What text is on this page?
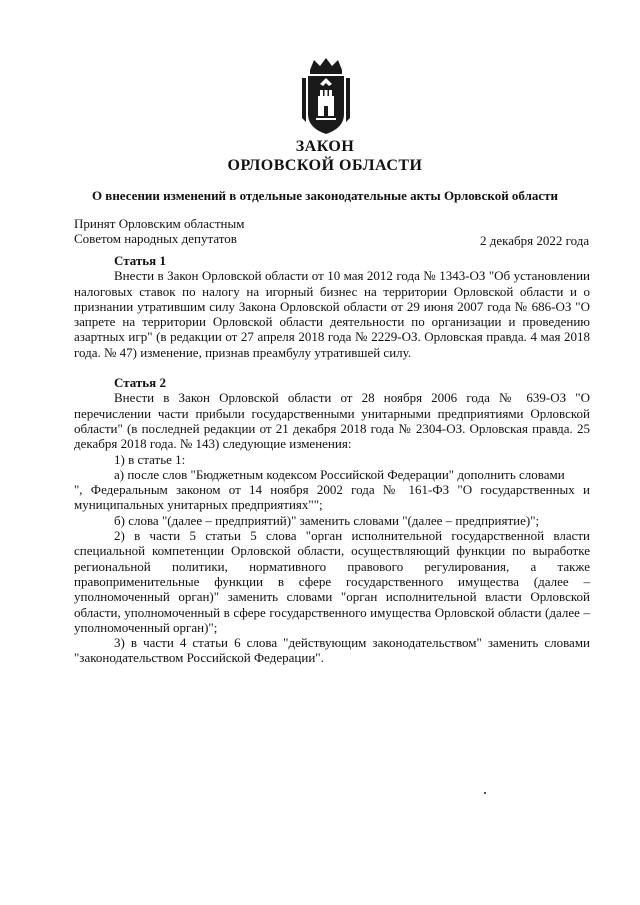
ЗАКОН
ОРЛОВСКОЙ ОБЛАСТИ
О внесении изменений в отдельные законодательные акты Орловской области
Принят Орловским областным
Советом народных депутатов	2 декабря 2022 года
Статья 1

Внести в Закон Орловской области от 10 мая 2012 года № 1343-ОЗ "Об установлении налоговых ставок по налогу на игорный бизнес на территории Орловской области и о признании утратившим силу Закона Орловской области от 29 июня 2007 года № 686-ОЗ "О запрете на территории Орловской области деятельности по организации и проведению азартных игр" (в редакции от 27 апреля 2018 года № 2229-ОЗ. Орловская правда. 4 мая 2018 года. № 47) изменение, признав преамбулу утратившей силу.

Статья 2

Внести в Закон Орловской области от 28 ноября 2006 года № 639-ОЗ "О перечислении части прибыли государственными унитарными предприятиями Орловской области" (в последней редакции от 21 декабря 2018 года № 2304-ОЗ. Орловская правда. 25 декабря 2018 года. № 143) следующие изменения:

1) в статье 1:

а) после слов "Бюджетным кодексом Российской Федерации" дополнить словами

", Федеральным законом от 14 ноября 2002 года № 161-ФЗ "О государственных и муниципальных унитарных предприятиях"";

б) слова "(далее – предприятий)" заменить словами "(далее – предприятие)";

2) в части 5 статьи 5 слова "орган исполнительной государственной власти специальной компетенции Орловской области, осуществляющий функции по выработке региональной политики, нормативного правового регулирования, а также правоприменительные функции в сфере государственного имущества (далее – уполномоченный орган)" заменить словами "орган исполнительной власти Орловской области, уполномоченный в сфере государственного имущества Орловской области (далее – уполномоченный орган)";

3) в части 4 статьи 6 слова "действующим законодательством" заменить словами "законодательством Российской Федерации".
